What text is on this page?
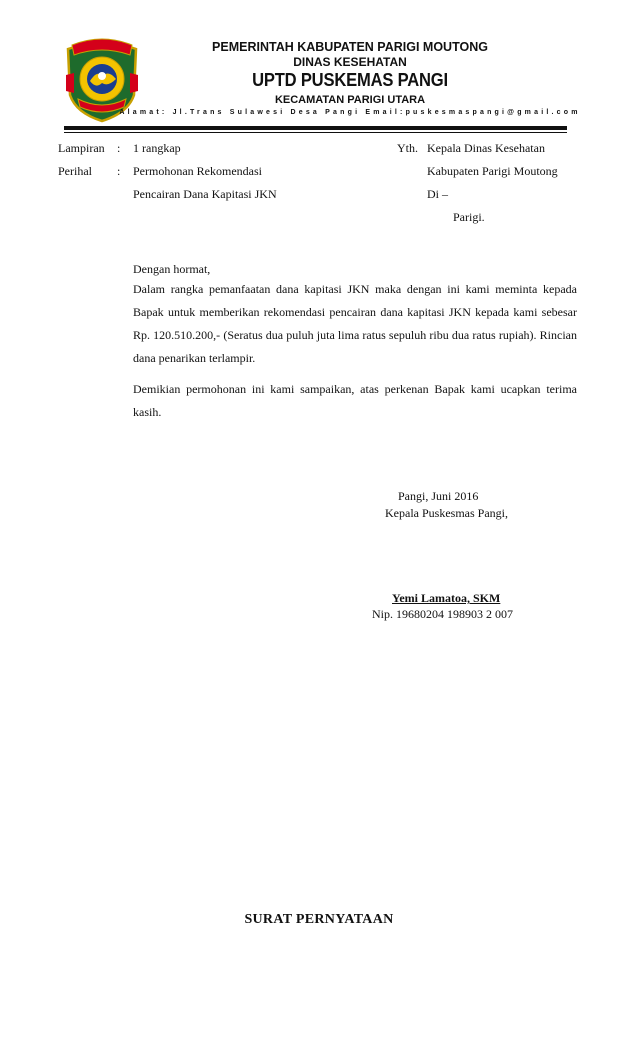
PEMERINTAH KABUPATEN PARIGI MOUTONG
DINAS KESEHATAN
UPTD PUSKEMAS PANGI
KECAMATAN PARIGI UTARA
Alamat: Jl.Trans Sulawesi Desa Pangi Email:puskesmaspangi@gmail.com
Lampiran : 1 rangkap
Perihal : Permohonan Rekomendasi
Pencairan Dana Kapitasi JKN
Yth. Kepala Dinas Kesehatan
Kabupaten Parigi Moutong
Di –
Parigi.
Dengan hormat,
Dalam rangka pemanfaatan dana kapitasi JKN maka dengan ini kami meminta kepada Bapak untuk memberikan rekomendasi pencairan dana kapitasi JKN kepada kami sebesar Rp. 120.510.200,- (Seratus dua puluh juta lima ratus sepuluh ribu dua ratus rupiah). Rincian dana penarikan terlampir.
Demikian permohonan ini kami sampaikan, atas perkenan Bapak kami ucapkan terima kasih.
Pangi, Juni 2016
Kepala Puskesmas Pangi,
Yemi Lamatoa, SKM
Nip. 19680204 198903 2 007
SURAT PERNYATAAN
